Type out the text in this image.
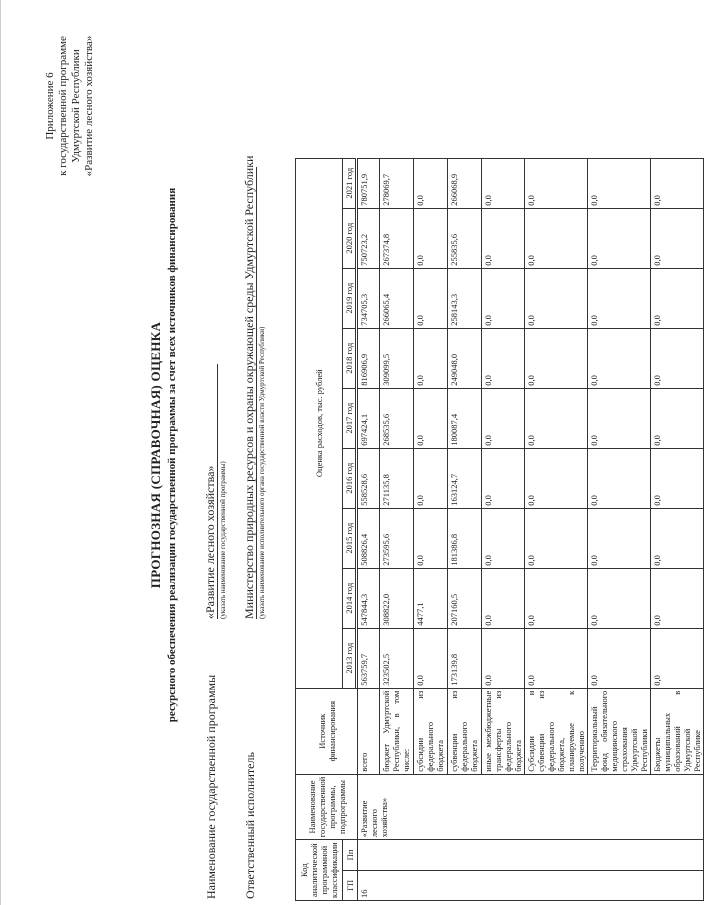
Приложение 6 к государственной программе Удмуртской Республики «Развитие лесного хозяйства»
ПРОГНОЗНАЯ (СПРАВОЧНАЯ) ОЦЕНКА ресурсного обеспечения реализации государственной программы за счет всех источников финансирования
Наименование государственной программы
«Развитие лесного хозяйства» (указать наименование государственной программы)
Ответственный исполнитель
Министерство природных ресурсов и охраны окружающей среды Удмуртской Республики (указать наименование исполнительного органа государственной власти Удмуртской Республики)
Код аналитической программной классификации		Наименование государственной программы, подпрограммы	Источник финансирования	Оценка расходов, тыс. рублей								
ГП	Пп			2013 год	2014 год	2015 год	2016 год	2017 год	2018 год	2019 год	2020 год	2021 год

16		«Развитие лесного хозяйства»	всего	563759,7	547844,3	508826,4	558528,6	697424,1	816906,9	734705,3	750723,2	780751,9
			бюджет Удмуртской Республики, в том числе:	323502,5	308822,0	273595,6	271135,8	268535,6	309099,5	266065,4	267374,8	278069,7
			субсидии из федерального бюджета	0,0	4477,1	0,0	0,0	0,0	0,0	0,0	0,0	0,0
			субвенции из федерального бюджета	173139,8	207160,5	181386,8	163124,7	180087,4	249048,0	258143,3	255835,6	266068,9
			иные межбюджетные трансферты из федерального бюджета	0,0	0,0	0,0	0,0	0,0	0,0	0,0	0,0	0,0
			Субсидии и субвенции из федерального бюджета, планируемые к получению	0,0	0,0	0,0	0,0	0,0	0,0	0,0	0,0	0,0
			Территориальный фонд обязательного медицинского страхования Удмуртской Республики	0,0	0,0	0,0	0,0	0,0	0,0	0,0	0,0	0,0
			Бюджеты муниципальных образований в Удмуртской Республике	0,0	0,0	0,0	0,0	0,0	0,0	0,0	0,0	0,0
